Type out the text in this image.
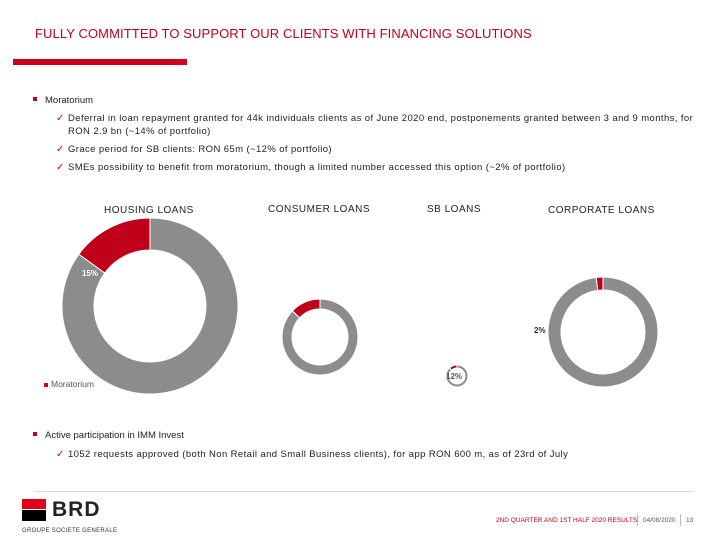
FULLY COMMITTED TO SUPPORT OUR CLIENTS WITH FINANCING SOLUTIONS
Moratorium
✓ Deferral in loan repayment granted for 44k individuals clients as of June 2020 end, postponements granted between 3 and 9 months, for RON 2.9 bn (~14% of portfolio)
✓ Grace period for SB clients: RON 65m (~12% of portfolio)
✓ SMEs possibility to benefit from moratorium, though a limited number accessed this option (~2% of portfolio)
HOUSING LOANS	CONSUMER LOANS	SB LOANS	CORPORATE LOANS
15%
13%
12%
2%
Moratorium
Active participation in IMM Invest
✓ 1052 requests approved (both Non Retail and Small Business clients), for app RON 600 m, as of 23rd of July
BRD
GROUPE SOCIETE GENERALE
2ND QUARTER AND 1ST HALF 2020 RESULTS 04/08/2020 13
